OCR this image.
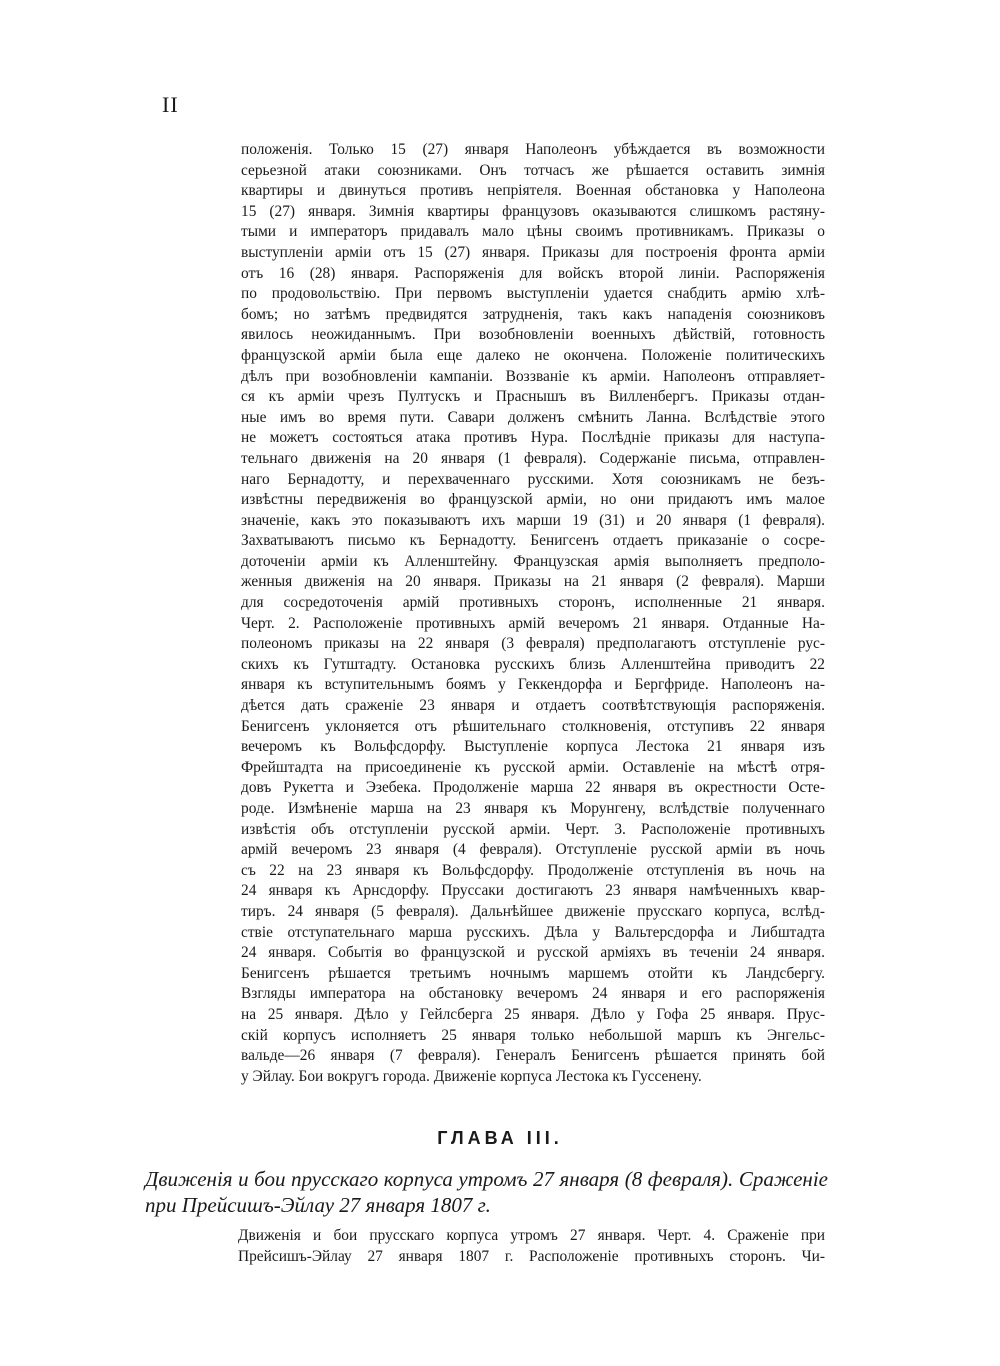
II
положенія. Только 15 (27) января Наполеонъ убѣждается въ возможности
серьезной атаки союзниками. Онъ тотчасъ же рѣшается оставить зимнія
квартиры и двинуться противъ непріятеля. Военная обстановка у Наполеона
15 (27) января. Зимнія квартиры французовъ оказываются слишкомъ растяну-
тыми и императоръ придавалъ мало цѣны своимъ противникамъ. Приказы о
выступленіи арміи отъ 15 (27) января. Приказы для построенія фронта арміи
отъ 16 (28) января. Распоряженія для войскъ второй линіи. Распоряженія
по продовольствію. При первомъ выступленіи удается снабдить армію хлѣ-
бомъ; но затѣмъ предвидятся затрудненія, такъ какъ нападенія союзниковъ
явилось неожиданнымъ. При возобновленіи военныхъ дѣйствій, готовность
французской арміи была еще далеко не окончена. Положеніе политическихъ
дѣлъ при возобновленіи кампаніи. Воззваніе къ арміи. Наполеонъ отправляет-
ся къ арміи чрезъ Пултускъ и Праснышъ въ Вилленбергъ. Приказы отдан-
ные имъ во время пути. Савари долженъ смѣнить Ланна. Вслѣдствіе этого
не можетъ состояться атака противъ Нура. Послѣдніе приказы для наступа-
тельнаго движенія на 20 января (1 февраля). Содержаніе письма, отправлен-
наго Бернадотту, и перехваченнаго русскими. Хотя союзникамъ не безъ-
извѣстны передвиженія во французской арміи, но они придаютъ имъ малое
значеніе, какъ это показываютъ ихъ марши 19 (31) и 20 января (1 февраля).
Захватываютъ письмо къ Бернадотту. Бенигсенъ отдаетъ приказаніе о сосре-
доточеніи арміи къ Алленштейну. Французская армія выполняетъ предполо-
женныя движенія на 20 января. Приказы на 21 января (2 февраля). Марши
для сосредоточенія армій противныхъ сторонъ, исполненные 21 января.
Черт. 2. Расположеніе противныхъ армій вечеромъ 21 января. Отданные На-
полеономъ приказы на 22 января (3 февраля) предполагаютъ отступленіе рус-
скихъ къ Гутштадту. Остановка русскихъ близь Алленштейна приводитъ 22
января къ вступительнымъ боямъ у Геккендорфа и Бергфриде. Наполеонъ на-
дѣется дать сраженіе 23 января и отдаетъ соотвѣтствующія распоряженія.
Бенигсенъ уклоняется отъ рѣшительнаго столкновенія, отступивъ 22 января
вечеромъ къ Вольфсдорфу. Выступленіе корпуса Лестока 21 января изъ
Фрейштадта на присоединеніе къ русской арміи. Оставленіе на мѣстѣ отря-
довъ Рукетта и Эзебека. Продолженіе марша 22 января въ окрестности Осте-
роде. Измѣненіе марша на 23 января къ Морунгену, вслѣдствіе полученнаго
извѣстія объ отступленіи русской арміи. Черт. 3. Расположеніе противныхъ
армій вечеромъ 23 января (4 февраля). Отступленіе русской арміи въ ночь
съ 22 на 23 января къ Вольфсдорфу. Продолженіе отступленія въ ночь на
24 января къ Арнсдорфу. Пруссаки достигаютъ 23 января намѣченныхъ квар-
тиръ. 24 января (5 февраля). Дальнѣйшее движеніе прусскаго корпуса, вслѣд-
ствіе отступательнаго марша русскихъ. Дѣла у Вальтерсдорфа и Либштадта
24 января. Событія во французской и русской арміяхъ въ теченіи 24 января.
Бенигсенъ рѣшается третьимъ ночнымъ маршемъ отойти къ Ландсбергу.
Взгляды императора на обстановку вечеромъ 24 января и его распоряженія
на 25 января. Дѣло у Гейлсберга 25 января. Дѣло у Гофа 25 января. Прус-
скій корпусъ исполняетъ 25 января только небольшой маршъ къ Энгельс-
вальде—26 января (7 февраля). Генералъ Бенигсенъ рѣшается принять бой
у Эйлау. Бои вокругъ города. Движеніе корпуса Лестока къ Гуссенену.
ГЛАВА III.
Движенія и бои прусскаго корпуса утромъ 27 января (8 февраля). Сраженіе при Прейсишъ-Эйлау 27 января 1807 г.
Движенія и бои прусскаго корпуса утромъ 27 января. Черт. 4. Сраженіе при
Прейсишъ-Эйлау 27 января 1807 г. Расположеніе противныхъ сторонъ. Чи-
